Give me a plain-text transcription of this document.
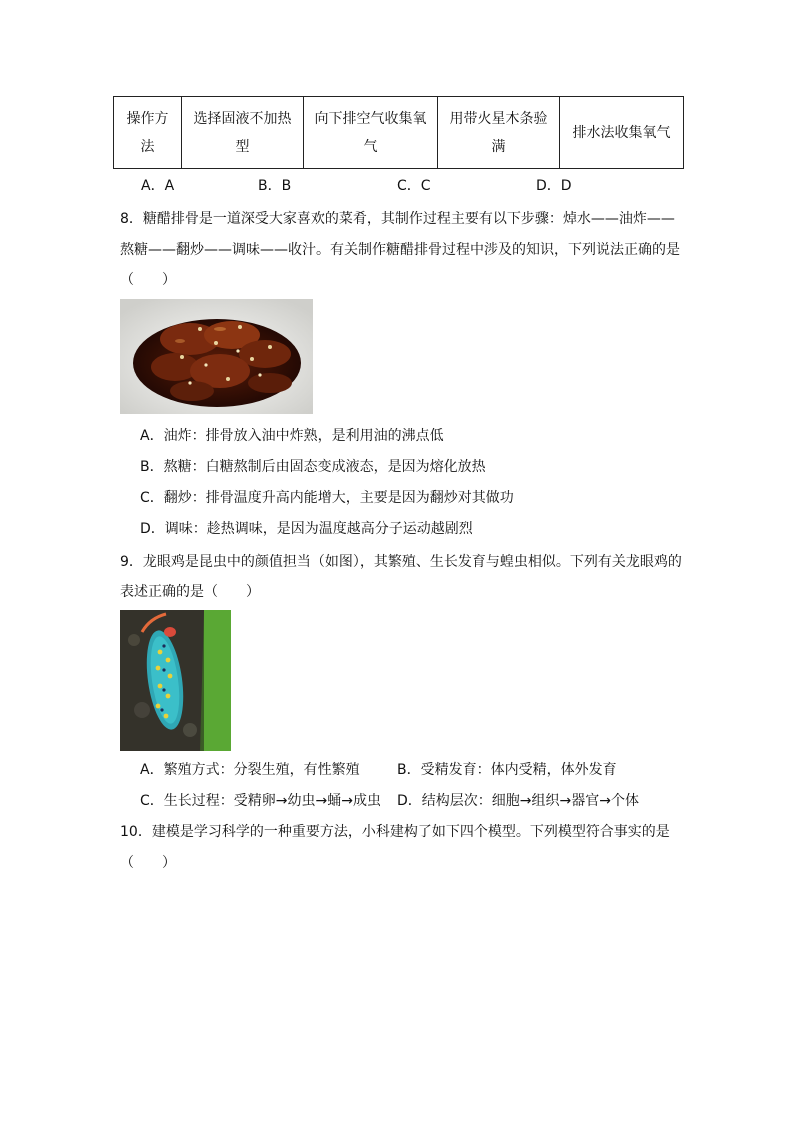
操作方法	选择固液不加热型	向下排空气收集氧气	用带火星木条验满	排水法收集氧气
A．A	B．B	C．C	D．D
8．糖醋排骨是一道深受大家喜欢的菜肴，其制作过程主要有以下步骤：焯水——油炸——
熬糖——翻炒——调味——收汁。有关制作糖醋排骨过程中涉及的知识，下列说法正确的是
（　　）
A．油炸：排骨放入油中炸熟，是利用油的沸点低
B．熬糖：白糖熬制后由固态变成液态，是因为熔化放热
C．翻炒：排骨温度升高内能增大，主要是因为翻炒对其做功
D．调味：趁热调味，是因为温度越高分子运动越剧烈
9．龙眼鸡是昆虫中的颜值担当（如图），其繁殖、生长发育与蝗虫相似。下列有关龙眼鸡的
表述正确的是（　　）
A．繁殖方式：分裂生殖，有性繁殖	B．受精发育：体内受精，体外发育
C．生长过程：受精卵→幼虫→蛹→成虫 D．结构层次：细胞→组织→器官→个体
10．建模是学习科学的一种重要方法，小科建构了如下四个模型。下列模型符合事实的是
（　　）
